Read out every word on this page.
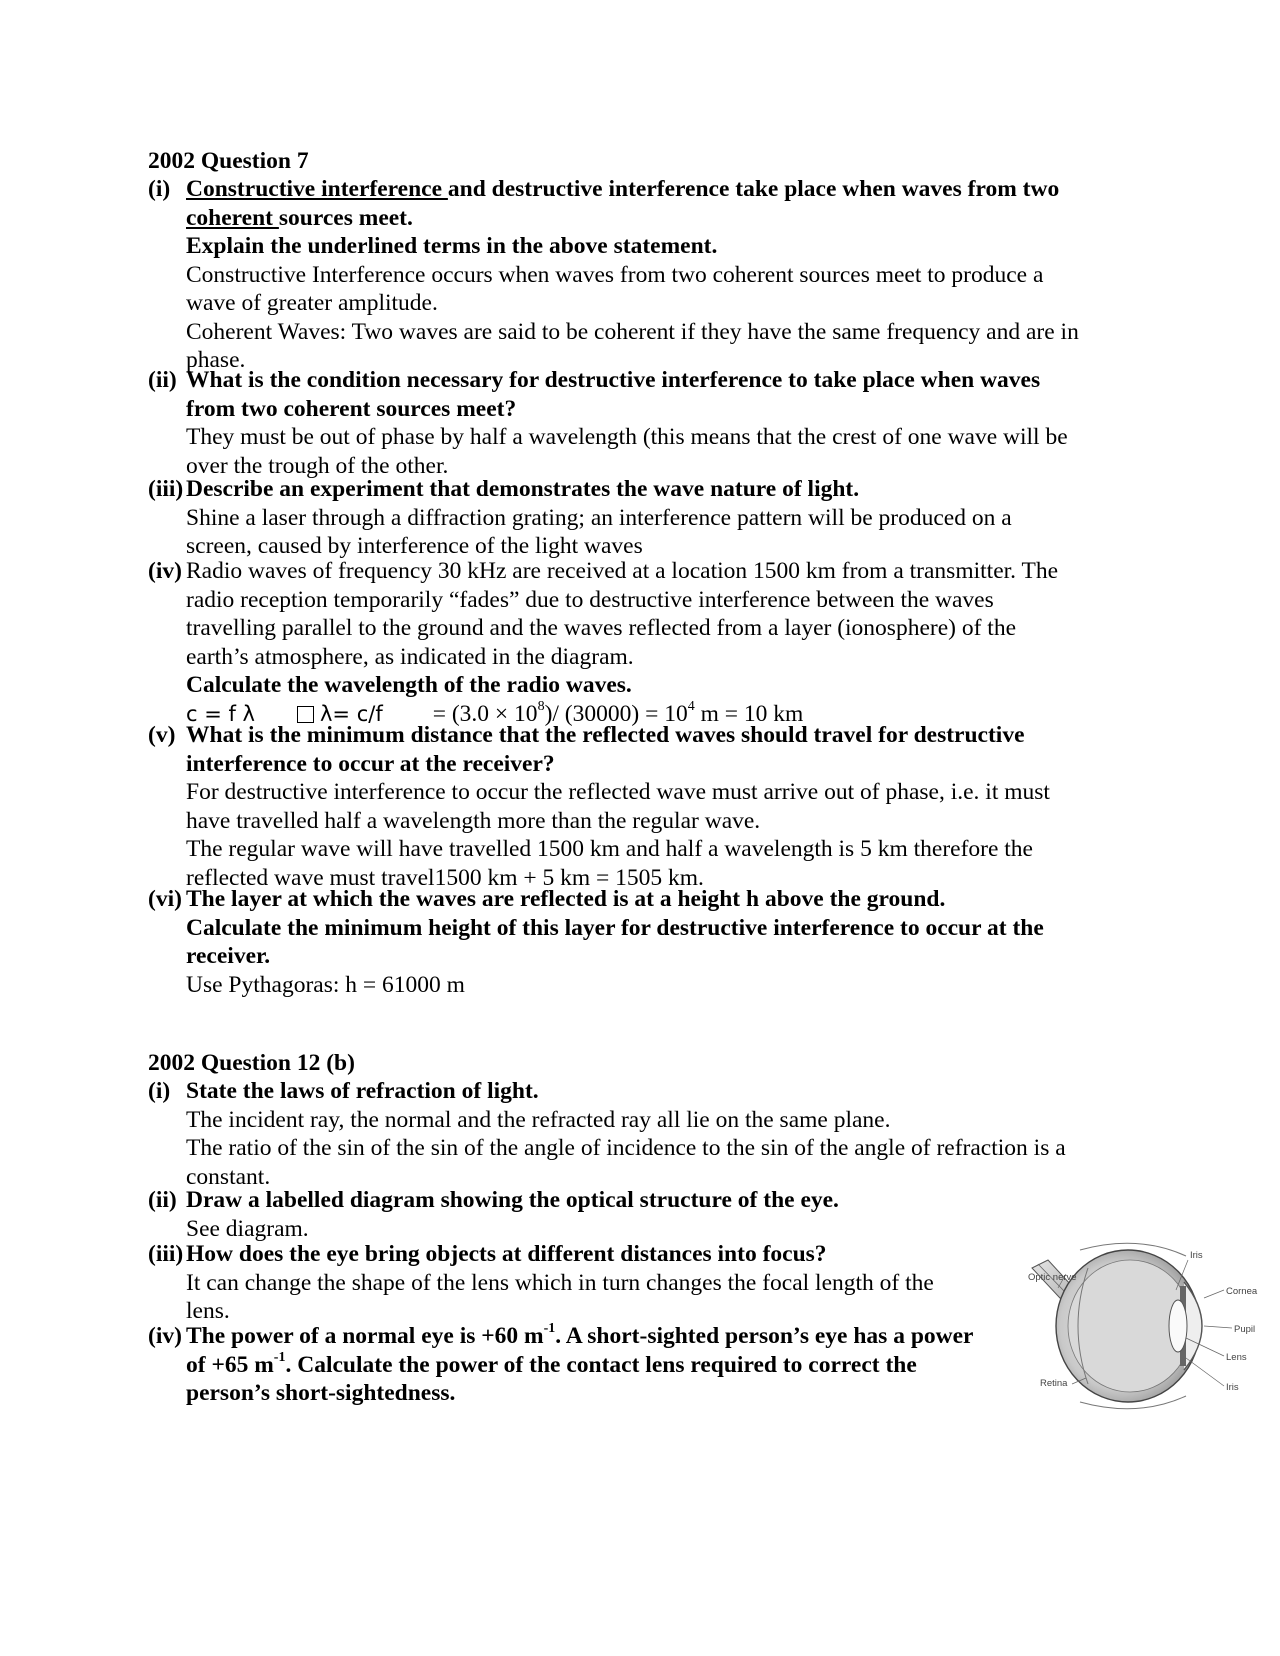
2002 Question 7
(i) Constructive interference and destructive interference take place when waves from two coherent sources meet.
Explain the underlined terms in the above statement.
Constructive Interference occurs when waves from two coherent sources meet to produce a wave of greater amplitude.
Coherent Waves: Two waves are said to be coherent if they have the same frequency and are in phase.
(ii) What is the condition necessary for destructive interference to take place when waves from two coherent sources meet?
They must be out of phase by half a wavelength (this means that the crest of one wave will be over the trough of the other.
(iii) Describe an experiment that demonstrates the wave nature of light.
Shine a laser through a diffraction grating; an interference pattern will be produced on a screen, caused by interference of the light waves
(iv) Radio waves of frequency 30 kHz are received at a location 1500 km from a transmitter. The radio reception temporarily “fades” due to destructive interference between the waves travelling parallel to the ground and the waves reflected from a layer (ionosphere) of the earth’s atmosphere, as indicated in the diagram.
Calculate the wavelength of the radio waves.
c = f λ	$\lambda= c/f = (3.0 \times 10^8)/$ $(30000) = 10^4$ m = 10 km
(v) What is the minimum distance that the reflected waves should travel for destructive interference to occur at the receiver?
For destructive interference to occur the reflected wave must arrive out of phase, i.e. it must have travelled half a wavelength more than the regular wave.
The regular wave will have travelled 1500 km and half a wavelength is 5 km therefore the reflected wave must travel1500 km + 5 km = 1505 km.
(vi) The layer at which the waves are reflected is at a height h above the ground.
Calculate the minimum height of this layer for destructive interference to occur at the receiver.
Use Pythagoras: h = 61000 m
2002 Question 12 (b)
(i) State the laws of refraction of light.
The incident ray, the normal and the refracted ray all lie on the same plane.
The ratio of the sin of the sin of the angle of incidence to the sin of the angle of refraction is a constant.
(ii) Draw a labelled diagram showing the optical structure of the eye.
See diagram.
(iii) How does the eye bring objects at different distances into focus?
It can change the shape of the lens which in turn changes the focal length of the lens.
(iv) The power of a normal eye is +60 $m^{-1}$. A short-sighted person’s eye has a power of +65 $m^{-1}$. Calculate the power of the contact lens required to correct the person’s short-sightedness.
Optic nerve
Iris
Cornea
Pupil
Lens
Iris
Retina
